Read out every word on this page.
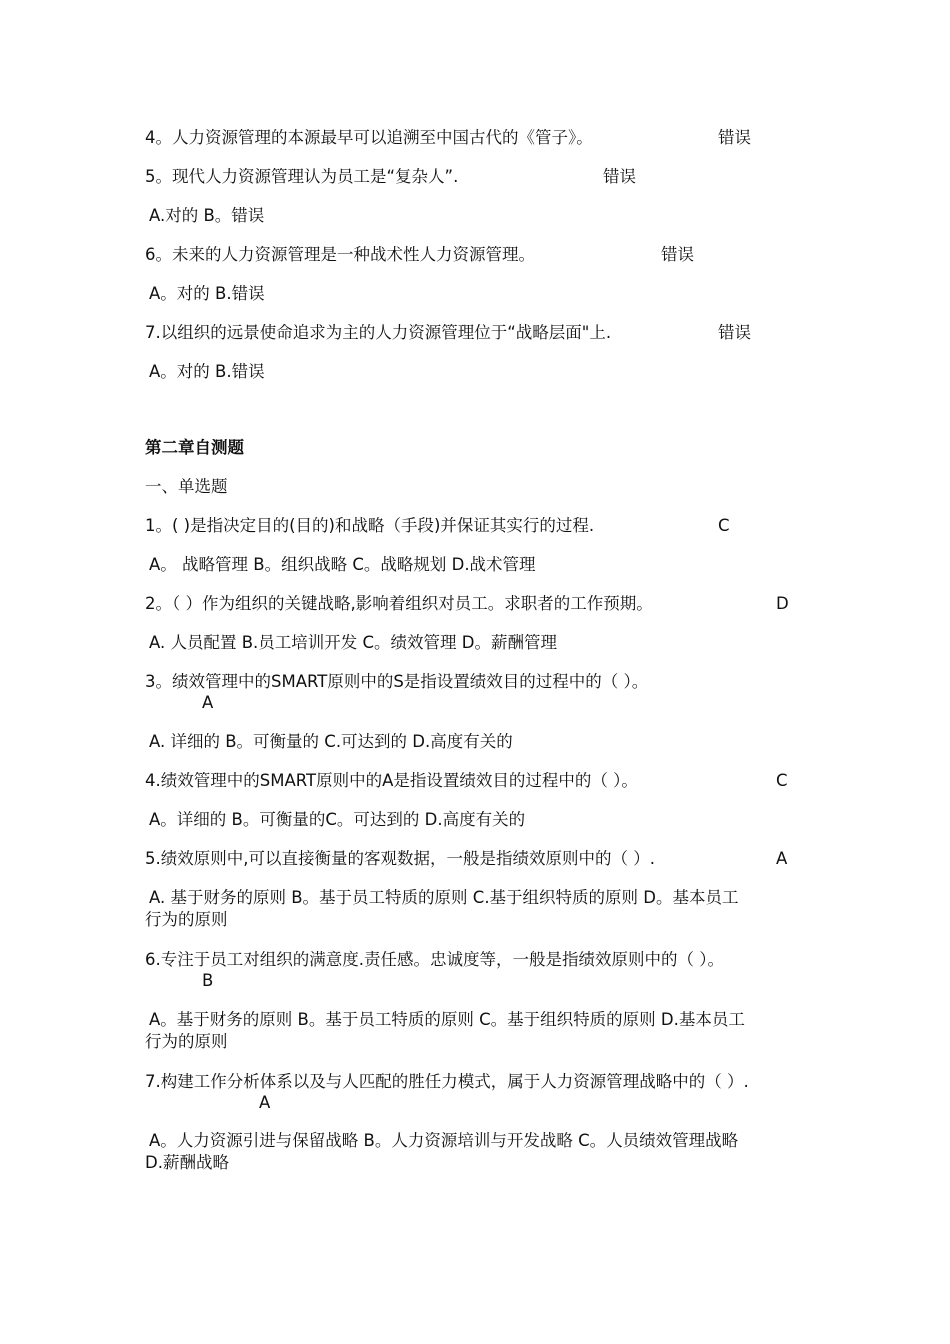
4。人力资源管理的本源最早可以追溯至中国古代的《管子》。	错误
5。现代人力资源管理认为员工是“复杂人”.	错误
A.对的 B。错误
6。未来的人力资源管理是一种战术性人力资源管理。	错误
A。对的 B.错误
7.以组织的远景使命追求为主的人力资源管理位于“战略层面"上.	错误
A。对的 B.错误
第二章自测题
一、单选题
1。( )是指决定目的(目的)和战略（手段)并保证其实行的过程.	C
A。 战略管理 B。组织战略 C。战略规划 D.战术管理
2。（ ）作为组织的关键战略,影响着组织对员工。求职者的工作预期。	D
A. 人员配置 B.员工培训开发 C。绩效管理 D。薪酬管理
3。绩效管理中的SMART原则中的S是指设置绩效目的过程中的（ ）。
A
A. 详细的 B。可衡量的 C.可达到的 D.高度有关的
4.绩效管理中的SMART原则中的A是指设置绩效目的过程中的（ ）。	C
A。详细的 B。可衡量的C。可达到的 D.高度有关的
5.绩效原则中,可以直接衡量的客观数据，一般是指绩效原则中的（ ）.	A
A. 基于财务的原则 B。基于员工特质的原则 C.基于组织特质的原则 D。基本员工
行为的原则
6.专注于员工对组织的满意度.责任感。忠诚度等，一般是指绩效原则中的（ ）。
B
A。基于财务的原则 B。基于员工特质的原则 C。基于组织特质的原则 D.基本员工
行为的原则
7.构建工作分析体系以及与人匹配的胜任力模式，属于人力资源管理战略中的（ ）.
A
A。人力资源引进与保留战略 B。人力资源培训与开发战略 C。人员绩效管理战略
D.薪酬战略
